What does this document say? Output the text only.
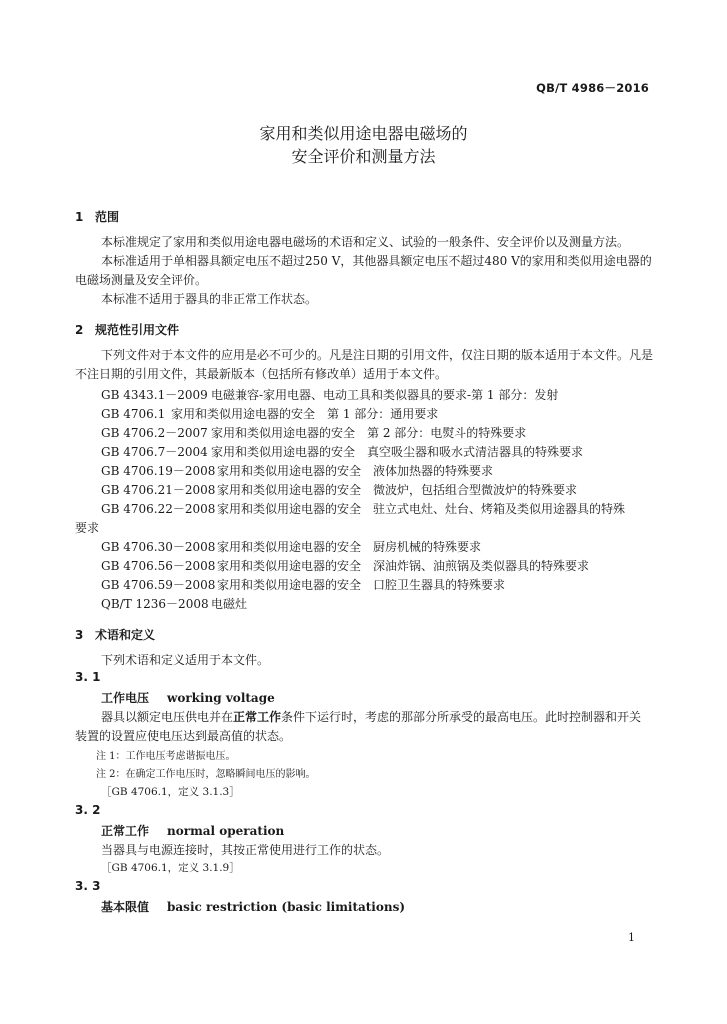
QB/T 4986－2016
家用和类似用途电器电磁场的
安全评价和测量方法
1 范围
本标准规定了家用和类似用途电器电磁场的术语和定义、试验的一般条件、安全评价以及测量方法。
本标准适用于单相器具额定电压不超过250 V，其他器具额定电压不超过480 V的家用和类似用途电器的电磁场测量及安全评价。
本标准不适用于器具的非正常工作状态。
2 规范性引用文件
下列文件对于本文件的应用是必不可少的。凡是注日期的引用文件，仅注日期的版本适用于本文件。凡是不注日期的引用文件，其最新版本（包括所有修改单）适用于本文件。
GB 4343.1－2009 电磁兼容-家用电器、电动工具和类似器具的要求-第 1 部分：发射
GB 4706.1 家用和类似用途电器的安全　第 1 部分：通用要求
GB 4706.2－2007 家用和类似用途电器的安全　第 2 部分：电熨斗的特殊要求
GB 4706.7－2004 家用和类似用途电器的安全　真空吸尘器和吸水式清洁器具的特殊要求
GB 4706.19－2008 家用和类似用途电器的安全　液体加热器的特殊要求
GB 4706.21－2008 家用和类似用途电器的安全　微波炉，包括组合型微波炉的特殊要求
GB 4706.22－2008 家用和类似用途电器的安全　驻立式电灶、灶台、烤箱及类似用途器具的特殊
要求
GB 4706.30－2008 家用和类似用途电器的安全　厨房机械的特殊要求
GB 4706.56－2008 家用和类似用途电器的安全　深油炸锅、油煎锅及类似器具的特殊要求
GB 4706.59－2008 家用和类似用途电器的安全　口腔卫生器具的特殊要求
QB/T 1236－2008 电磁灶
3 术语和定义
下列术语和定义适用于本文件。
3. 1
工作电压 working voltage
器具以额定电压供电并在正常工作条件下运行时，考虑的那部分所承受的最高电压。此时控制器和开关装置的设置应使电压达到最高值的状态。
注 1：工作电压考虑谐振电压。
注 2：在确定工作电压时，忽略瞬间电压的影响。
［GB 4706.1，定义 3.1.3］
3. 2
正常工作 normal operation
当器具与电源连接时，其按正常使用进行工作的状态。
［GB 4706.1，定义 3.1.9］
3. 3
基本限值 basic restriction (basic limitations)
1
